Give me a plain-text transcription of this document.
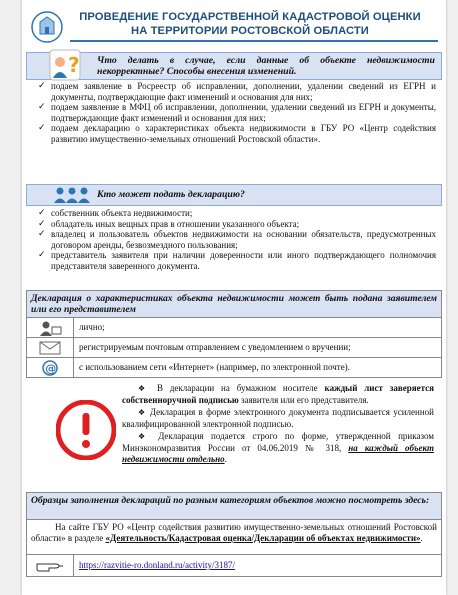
ПРОВЕДЕНИЕ ГОСУДАРСТВЕННОЙ КАДАСТРОВОЙ ОЦЕНКИ НА ТЕРРИТОРИИ РОСТОВСКОЙ ОБЛАСТИ
Что делать в случае, если данные об объекте недвижимости некорректные? Способы внесения изменений.
?
✓ подаем заявление в Росреестр об исправлении, дополнении, удалении сведений из ЕГРН и документы, подтверждающие факт изменений и основания для них;
✓ подаем заявление в МФЦ об исправлении, дополнении, удалении сведений из ЕГРН и документы, подтверждающие факт изменений и основания для них;
✓ подаем декларацию о характеристиках объекта недвижимости в ГБУ РО «Центр содействия развитию имущественно-земельных отношений Ростовской области».
Кто может подать декларацию?
✓ собственник объекта недвижимости;
✓ обладатель иных вещных прав в отношении указанного объекта;
✓ владелец и пользователь объектов недвижимости на основании обязательств, предусмотренных договором аренды, безвозмездного пользования;
✓ представитель заявителя при наличии доверенности или иного подтверждающего полномочия представителя заверенного документа.
Декларация о характеристиках объекта недвижимости может быть подана заявителем или его представителем
лично;
регистрируемым почтовым отправлением с уведомлением о вручении;
@	с использованием сети «Интернет» (например, по электронной почте).

❖ В декларации на бумажном носителе каждый лист заверяется собственноручной подписью заявителя или его представителя.

❖ Декларация в форме электронного документа подписывается усиленной квалифицированной электронной подписью.

❖ Декларация подается строго по форме, утвержденной приказом Минэкономразвития России от 04.06.2019 № 318, на каждый объект недвижимости отдельно.

Образцы заполнения деклараций по разным категориям объектов можно посмотреть здесь:
На сайте ГБУ РО «Центр содействия развитию имущественно-земельных отношений Ростовской области» в разделе «Деятельность/Кадастровая оценка/Декларации об объектах недвижимости».
https://razvitie-ro.donland.ru/activity/3187/
